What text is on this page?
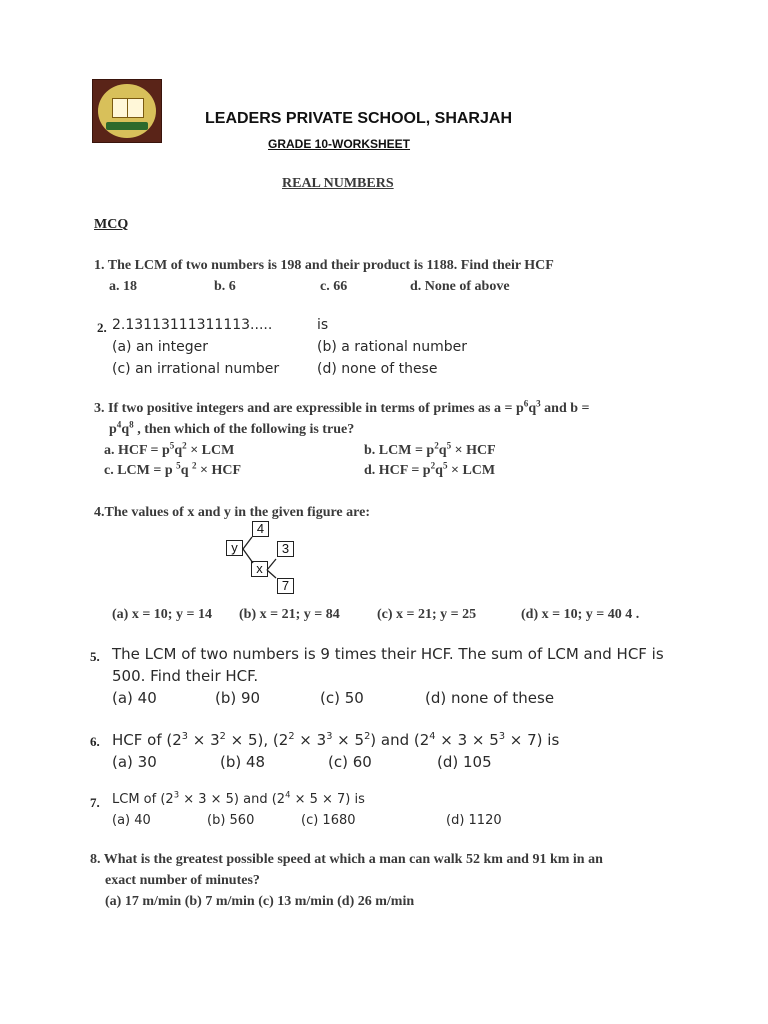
LEADERS PRIVATE SCHOOL, SHARJAH
GRADE 10-WORKSHEET
REAL NUMBERS
MCQ
1. The LCM of two numbers is 198 and their product is 1188. Find their HCF
a. 18	b. 6	c. 66	d. None of above
2. 2.13113111311113.....	is
(a) an integer	(b) a rational number
(c) an irrational number	(d) none of these
3. If two positive integers and are expressible in terms of primes as $a = p^6q^3$ and b =
$p^4q^8$ , then which of the following is true?
a. HCF = $p^5q^2$ × LCM	b. LCM = $p^2q^5$ × HCF
c. LCM = p $^5$q $^2$ × HCF	d. HCF = $p^2q^5$ × LCM
4.The values of x and y in the given figure are:
y
4
3
x
7
(a) x = 10; y = 14 (b) x = 21; y = 84	(c) x = 21; y = 25	(d) x = 10; y = 40 4 .
5. The LCM of two numbers is 9 times their HCF. The sum of LCM and HCF is
500. Find their HCF.
(a) 40	(b) 90	(c) 50	(d) none of these
6. HCF of $(2^3 \times 3^2 \times 5)$, $(2^2 \times 3^3 \times 5^2)$ and $(2^4 \times 3 \times 5^3 \times 7)$ is
(a) 30	(b) 48	(c) 60	(d) 105
7. LCM of $(2^3 \times 3 \times 5)$ and $(2^4 \times 5 \times 7)$ is
(a) 40	(b) 560	(c) 1680	(d) 1120
8. What is the greatest possible speed at which a man can walk 52 km and 91 km in an
exact number of minutes?
(a) 17 m/min (b) 7 m/min (c) 13 m/min (d) 26 m/min
